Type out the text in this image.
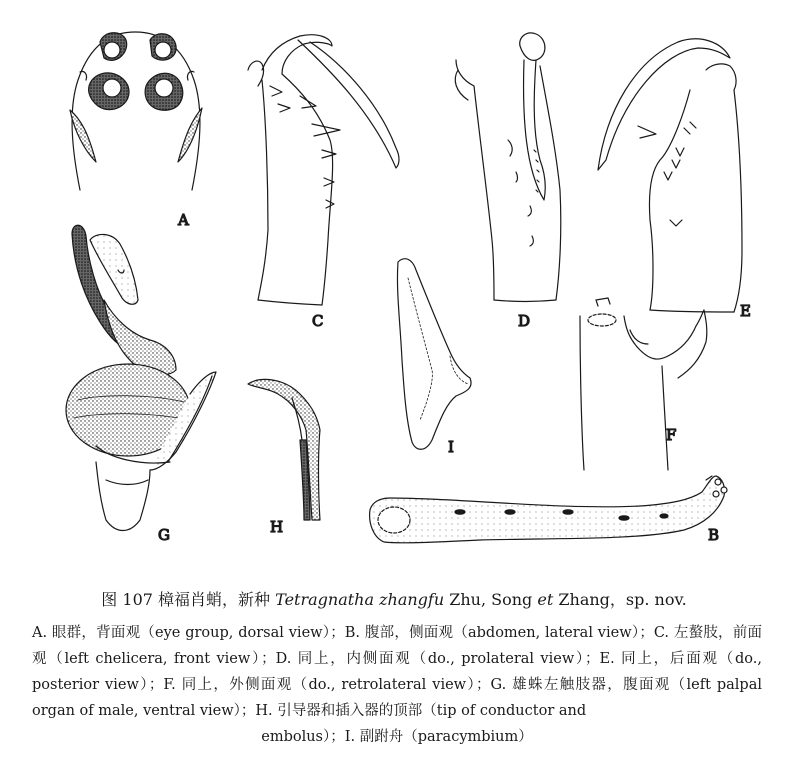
A
C	D
E
F
G	H
I
B
图 107 樟福肖蛸，新种 Tetragnatha zhangfu Zhu, Song et Zhang，sp. nov.
A. 眼群，背面观（eye group, dorsal view）；B. 腹部，侧面观（abdomen, lateral view）；C. 左螯肢，前面观（left chelicera, front view）；D. 同上，内侧面观（do., prolateral view）；E. 同上，后面观（do., posterior view）；F. 同上，外侧面观（do., retrolateral view）；G. 雄蛛左触肢器，腹面观（left palpal organ of male, ventral view）；H. 引导器和插入器的顶部（tip of conductor and
embolus）；I. 副跗舟（paracymbium）
